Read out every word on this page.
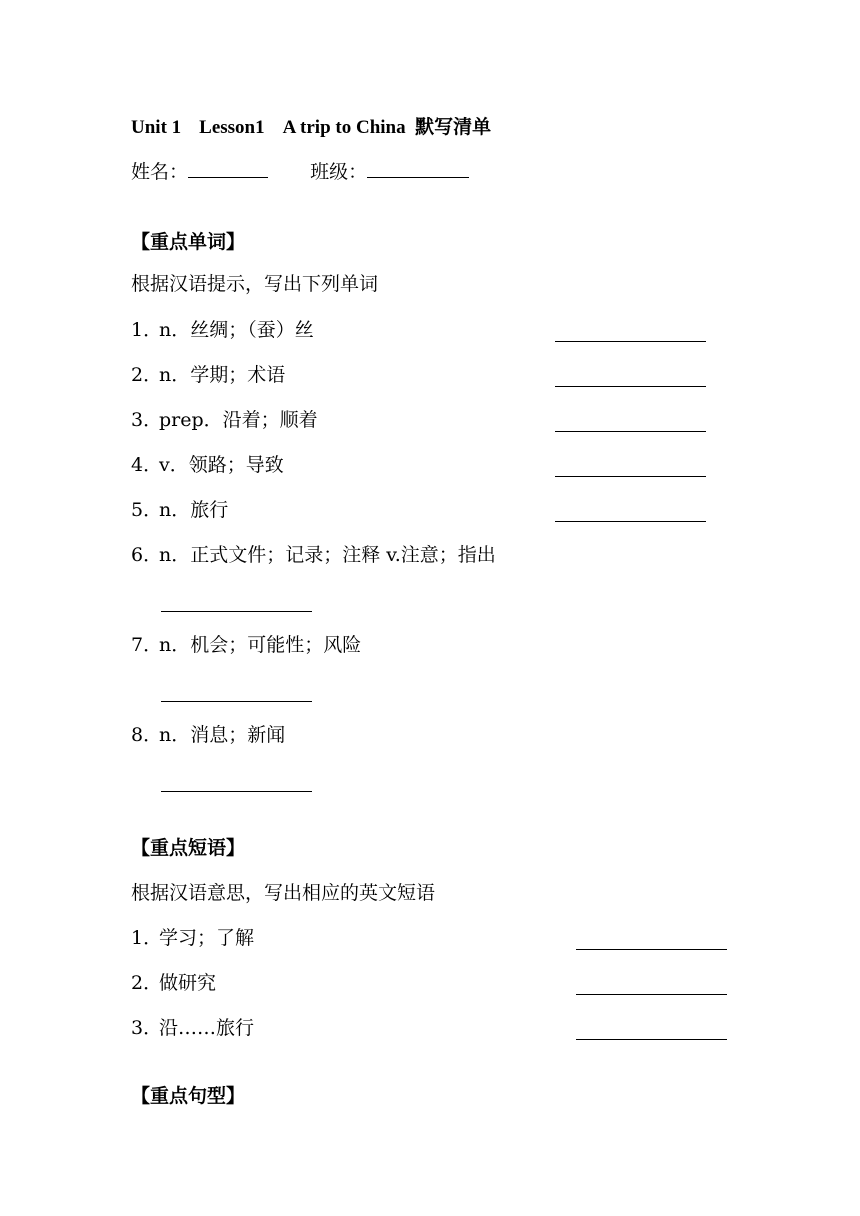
Unit 1 Lesson1 A trip to China 默写清单
姓名：	班级：
【重点单词】
根据汉语提示，写出下列单词
1．n．丝绸；（蚕）丝
2．n．学期；术语
3．prep．沿着；顺着
4．v．领路；导致
5．n．旅行
6．n．正式文件；记录；注释 v.注意；指出
7．n．机会；可能性；风险
8．n．消息；新闻
【重点短语】
根据汉语意思，写出相应的英文短语
1．学习；了解
2．做研究
3．沿……旅行
【重点句型】
